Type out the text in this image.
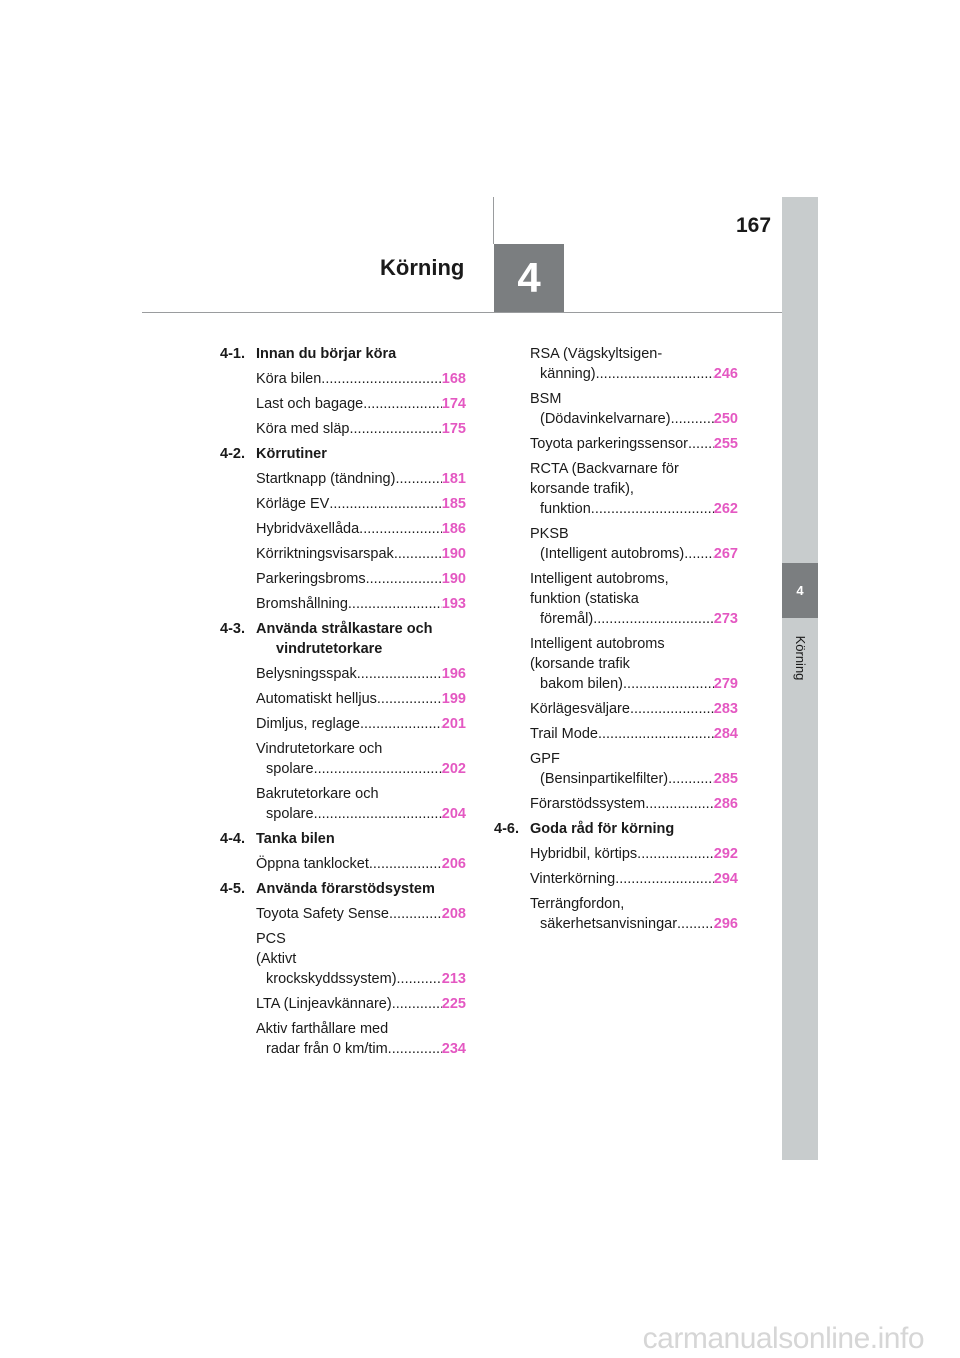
167
Körning	4
4
Körning
4-1. Innan du börjar köra
Köra bilen .....	168
Last och bagage .....	174
Köra med släp .....	175
4-2. Körrutiner
Startknapp (tändning) .....	181
Körläge EV .....	185
Hybridväxellåda .....	186
Körriktningsvisarspak .....	190
Parkeringsbroms .....	190
Bromshållning .....	193
4-3. Använda strålkastare och vindrutetorkare
Belysningsspak .....	196
Automatiskt helljus .....	199
Dimljus, reglage .....	201
Vindrutetorkare och
spolare .....	202
Bakrutetorkare och
spolare .....	204
4-4. Tanka bilen
Öppna tanklocket .....	206
4-5. Använda förarstödsystem
Toyota Safety Sense .....	208
PCS
(Aktivt
krockskyddssystem) .....	213
LTA (Linjeavkännare) .....	225
Aktiv farthållare med
radar från 0 km/tim .....	234
RSA (Vägskyltsigen-
känning) .....	246
BSM
(Dödavinkelvarnare) .....	250
Toyota parkeringssensor ..... 255
RCTA (Backvarnare för
korsande trafik),
funktion .....	262
PKSB
(Intelligent autobroms) ..... 267
Intelligent autobroms,
funktion (statiska
föremål) .....	273
Intelligent autobroms
(korsande trafik
bakom bilen) .....	279
Körlägesväljare .....	283
Trail Mode .....	284
GPF
(Bensinpartikelfilter) .....	285
Förarstödssystem .....	286
4-6. Goda råd för körning
Hybridbil, körtips .....	292
Vinterkörning .....	294
Terrängfordon,
säkerhetsanvisningar .....	296
carmanualsonline.info
